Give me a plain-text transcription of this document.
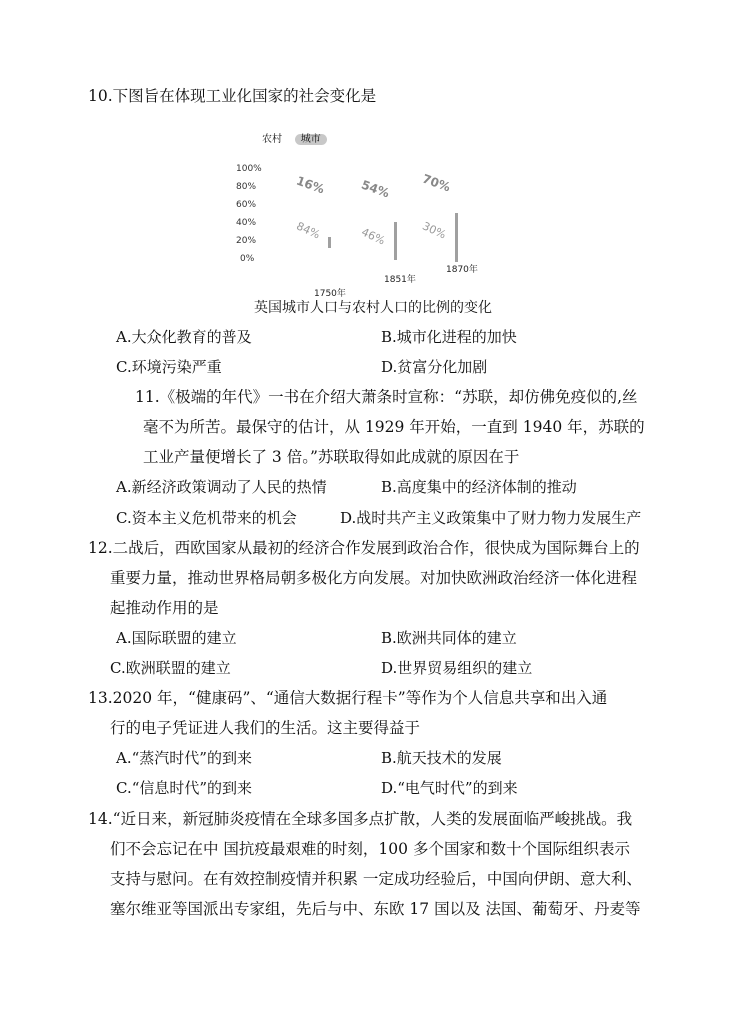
10.下图旨在体现工业化国家的社会变化是
农村 城市
100%
80%
60%
40%
20%
0%
16%
84%
1750年
54%
46%
1851年
70%
30%
1870年
英国城市人口与农村人口的比例的变化
A.大众化教育的普及	B.城市化进程的加快
C.环境污染严重	D.贫富分化加剧
11.《极端的年代》一书在介绍大萧条时宣称：“苏联，却仿佛免疫似的,丝
毫不为所苦。最保守的估计，从 1929 年开始，一直到 1940 年，苏联的
工业产量便增长了 3 倍。”苏联取得如此成就的原因在于
A.新经济政策调动了人民的热情	B.高度集中的经济体制的推动
C.资本主义危机带来的机会	D.战时共产主义政策集中了财力物力发展生产
12.二战后，西欧国家从最初的经济合作发展到政治合作，很快成为国际舞台上的
重要力量，推动世界格局朝多极化方向发展。对加快欧洲政治经济一体化进程
起推动作用的是
A.国际联盟的建立	B.欧洲共同体的建立
C.欧洲联盟的建立	D.世界贸易组织的建立
13.2020 年，“健康码”、“通信大数据行程卡”等作为个人信息共享和出入通
行的电子凭证进人我们的生活。这主要得益于
A.“蒸汽时代”的到来	B.航天技术的发展
C.“信息时代”的到来	D.“电气时代”的到来
14.“近日来，新冠肺炎疫情在全球多国多点扩散，人类的发展面临严峻挑战。我
们不会忘记在中 国抗疫最艰难的时刻，100 多个国家和数十个国际组织表示
支持与慰问。在有效控制疫情并积累 一定成功经验后，中国向伊朗、意大利、
塞尔维亚等国派出专家组，先后与中、东欧 17 国以及 法国、葡萄牙、丹麦等
